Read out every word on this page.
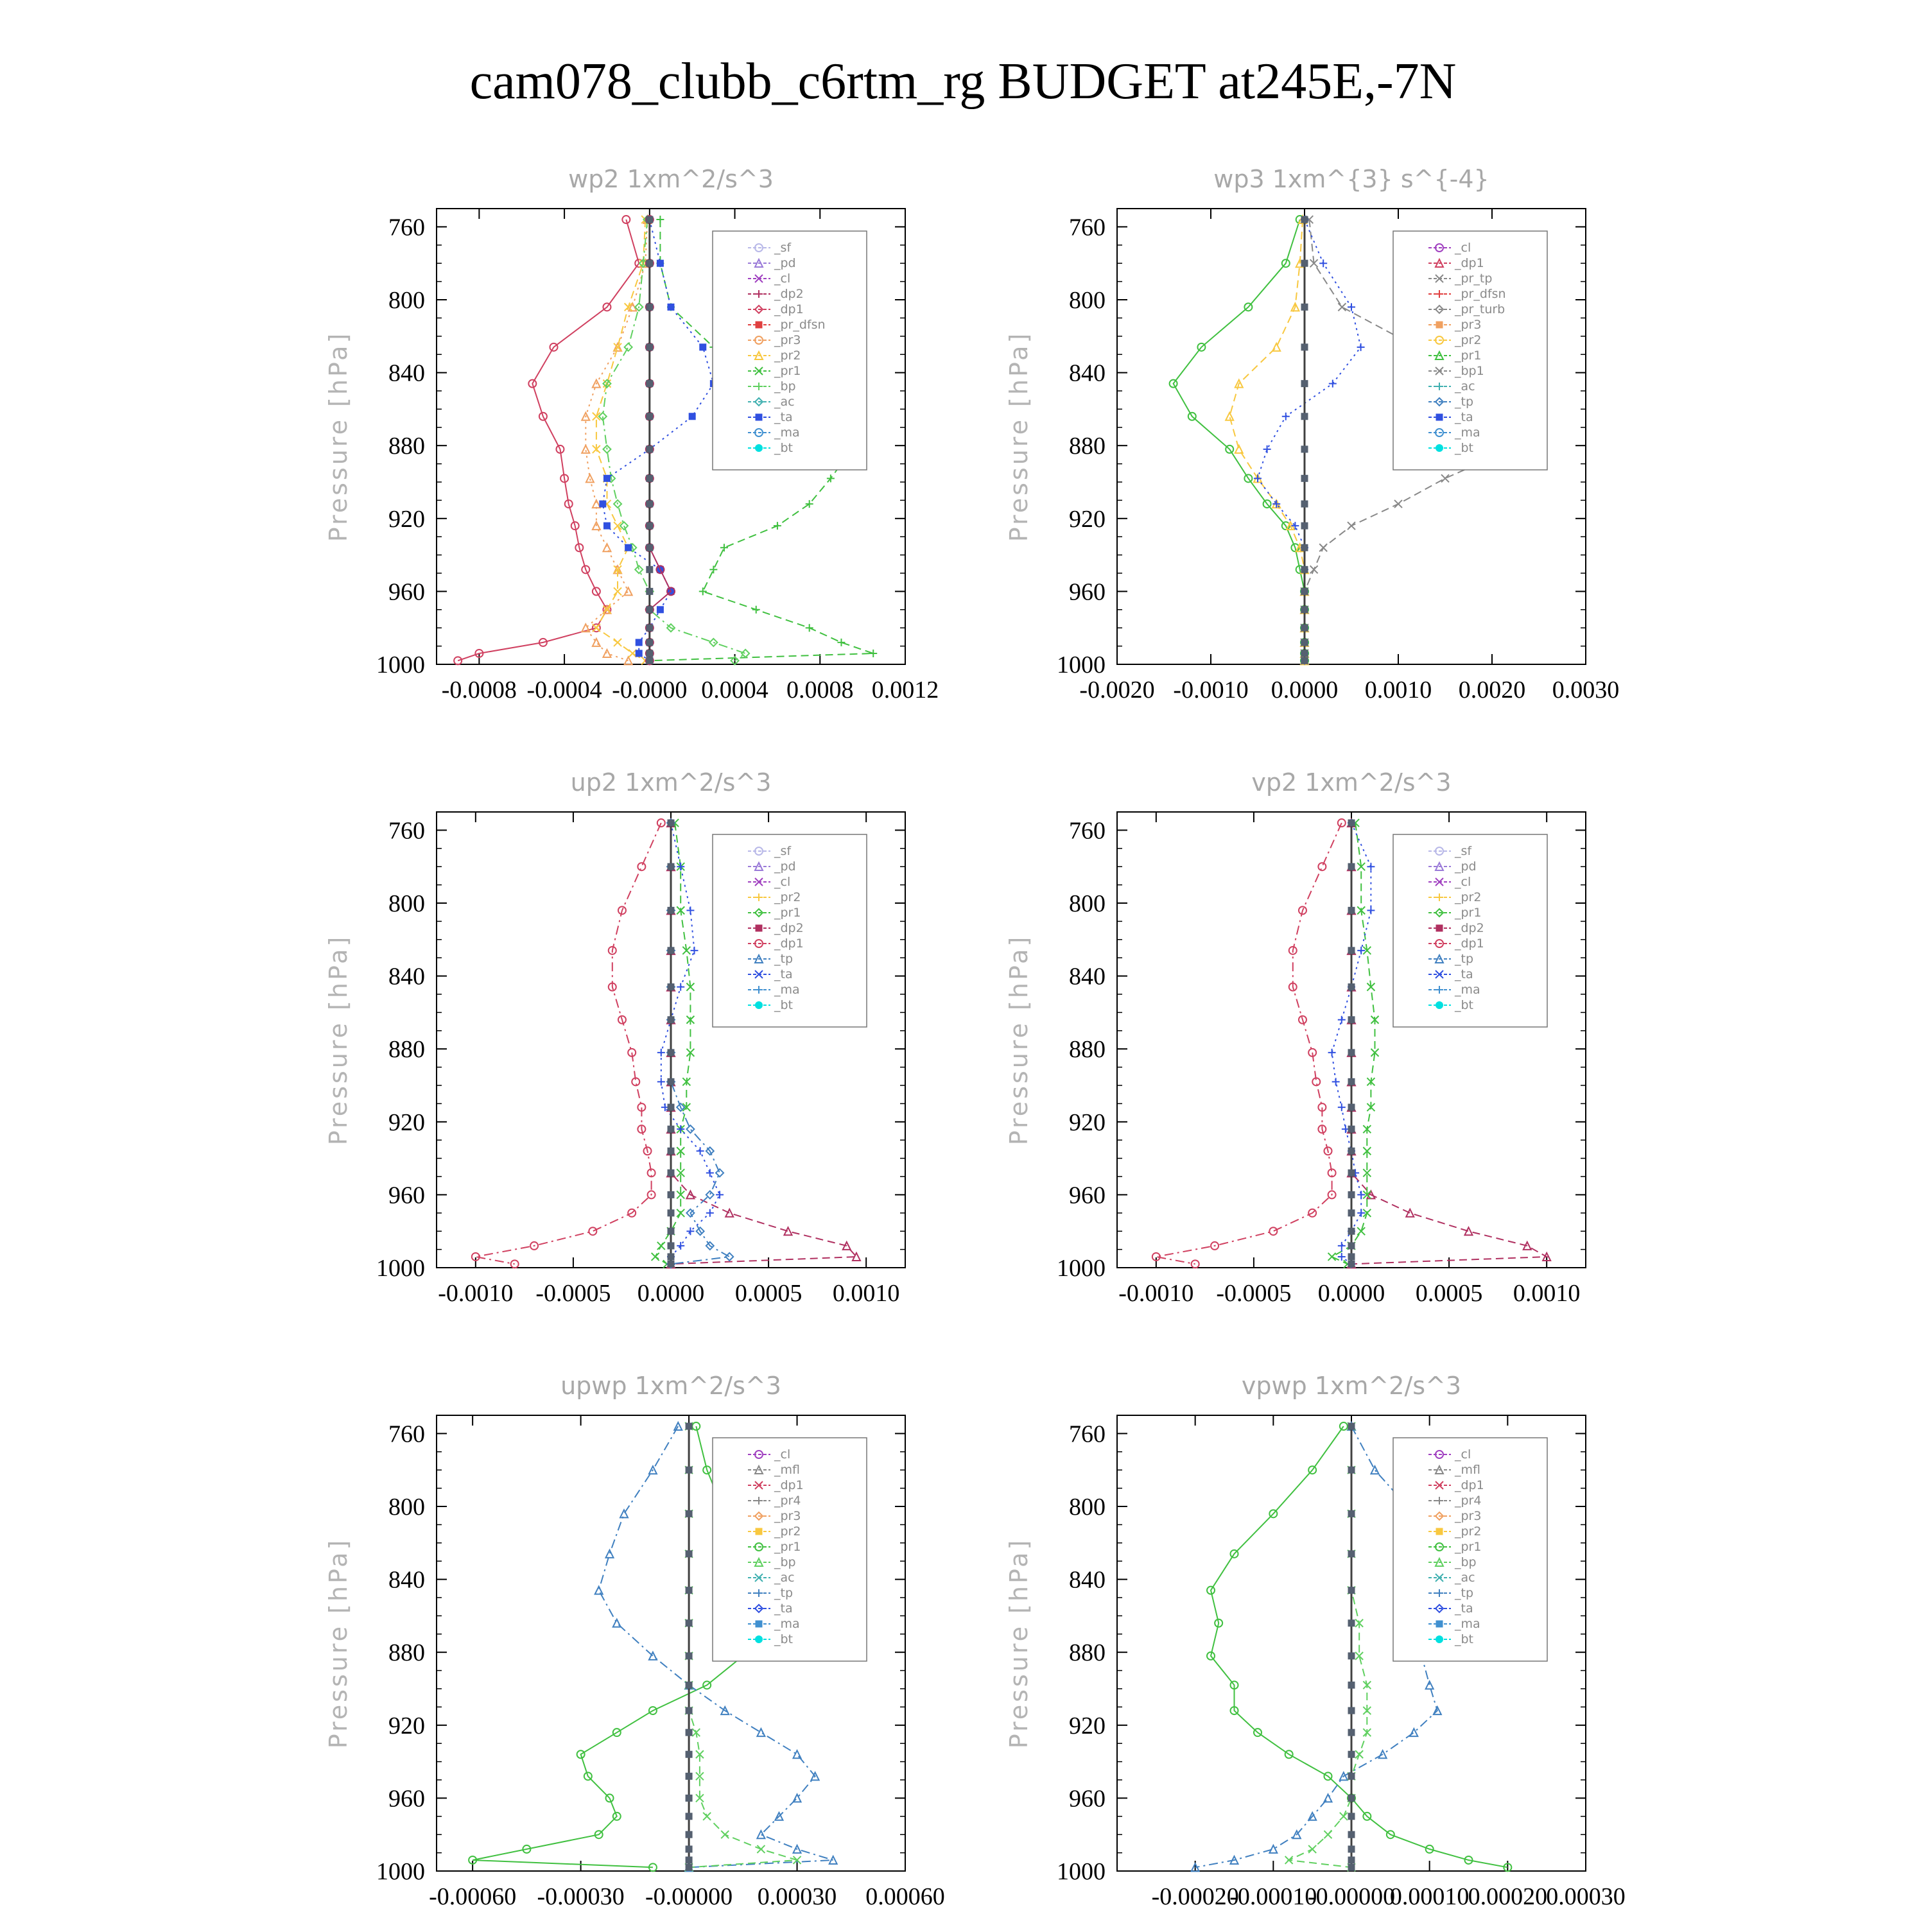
cam078_clubb_c6rtm_rg BUDGET at245E,-7N
wp2 1xm^2/s^3
Pressure [hPa]
760
800
840
880
920
960
1000
-0.0008 -0.0004 -0.0000 0.0004 0.0008 0.0012
_sf
_pd
_cl
_dp2
_dp1
_pr_dfsn
_pr3
_pr2
_pr1
_bp
_ac
_ta
_ma
_bt
wp3 1xm^{3} s^{-4}
Pressure [hPa]
760
800
840
880
920
960
1000
-0.0020 -0.0010 0.0000 0.0010 0.0020 0.0030
_cl
_dp1
_pr_tp
_pr_dfsn
_pr_turb
_pr3
_pr2
_pr1
_bp1
_ac
_tp
_ta
_ma
_bt
up2 1xm^2/s^3
Pressure [hPa]
760
800
840
880
920
960
1000
-0.0010 -0.0005 0.0000 0.0005 0.0010
_sf
_pd
_cl
_pr2
_pr1
_dp2
_dp1
_tp
_ta
_ma
_bt
vp2 1xm^2/s^3
Pressure [hPa]
760
800
840
880
920
960
1000
-0.0010 -0.0005 0.0000 0.0005 0.0010
_sf
_pd
_cl
_pr2
_pr1
_dp2
_dp1
_tp
_ta
_ma
_bt
upwp 1xm^2/s^3
Pressure [hPa]
760
800
840
880
920
960
1000
-0.00060 -0.00030 -0.00000 0.00030 0.00060
_cl
_mfl
_dp1
_pr4
_pr3
_pr2
_pr1
_bp
_ac
_tp
_ta
_ma
_bt
vpwp 1xm^2/s^3
Pressure [hPa]
760
800
840
880
920
960
1000
-0.00020
-0.00010
-0.00000
0.00010
0.00020
0.00030
_cl
_mfl
_dp1
_pr4
_pr3
_pr2
_pr1
_bp
_ac
_tp
_ta
_ma
_bt
